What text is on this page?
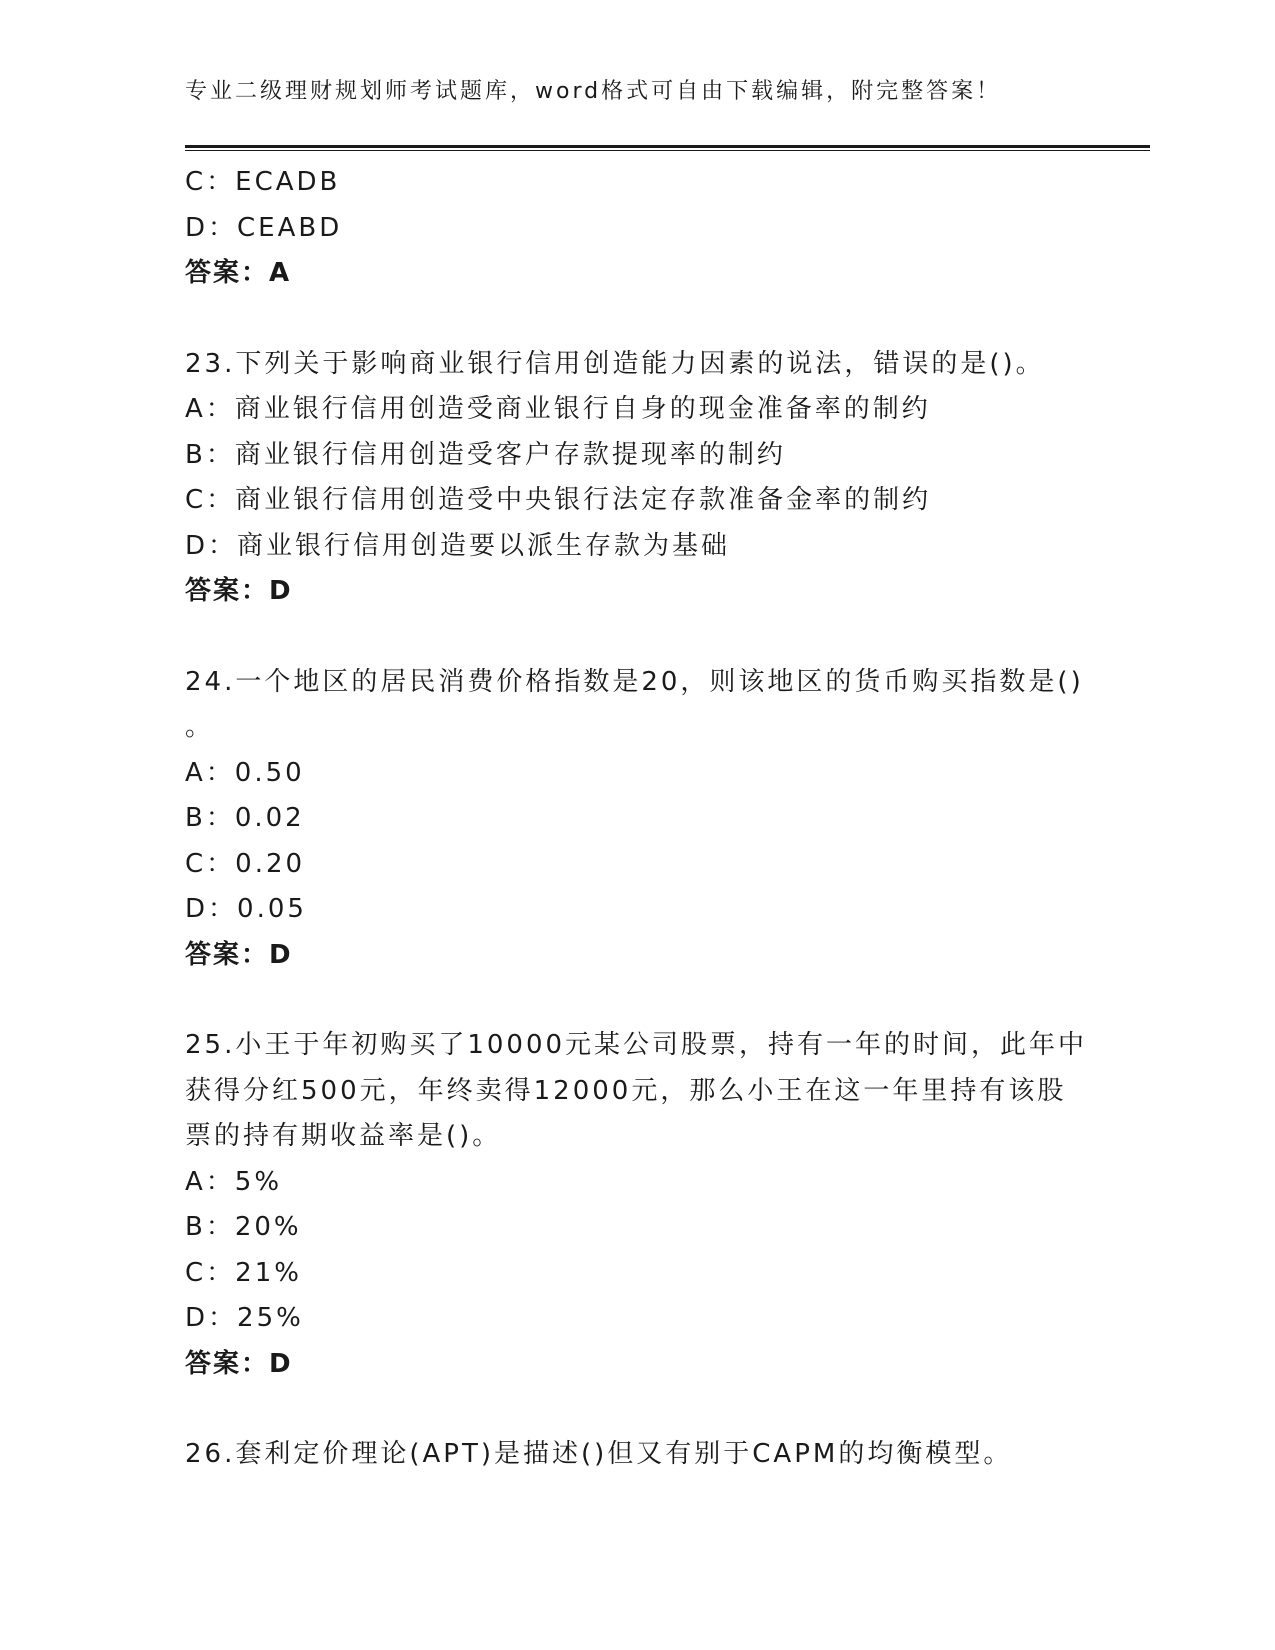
专业二级理财规划师考试题库，word格式可自由下载编辑，附完整答案！
C：ECADB
D：CEABD
答案：A
23.下列关于影响商业银行信用创造能力因素的说法，错误的是()。
A：商业银行信用创造受商业银行自身的现金准备率的制约
B：商业银行信用创造受客户存款提现率的制约
C：商业银行信用创造受中央银行法定存款准备金率的制约
D：商业银行信用创造要以派生存款为基础
答案：D
24.一个地区的居民消费价格指数是20，则该地区的货币购买指数是()
。
A：0.50
B：0.02
C：0.20
D：0.05
答案：D
25.小王于年初购买了10000元某公司股票，持有一年的时间，此年中
获得分红500元，年终卖得12000元，那么小王在这一年里持有该股
票的持有期收益率是()。
A：5%
B：20%
C：21%
D：25%
答案：D
26.套利定价理论(APT)是描述()但又有别于CAPM的均衡模型。
